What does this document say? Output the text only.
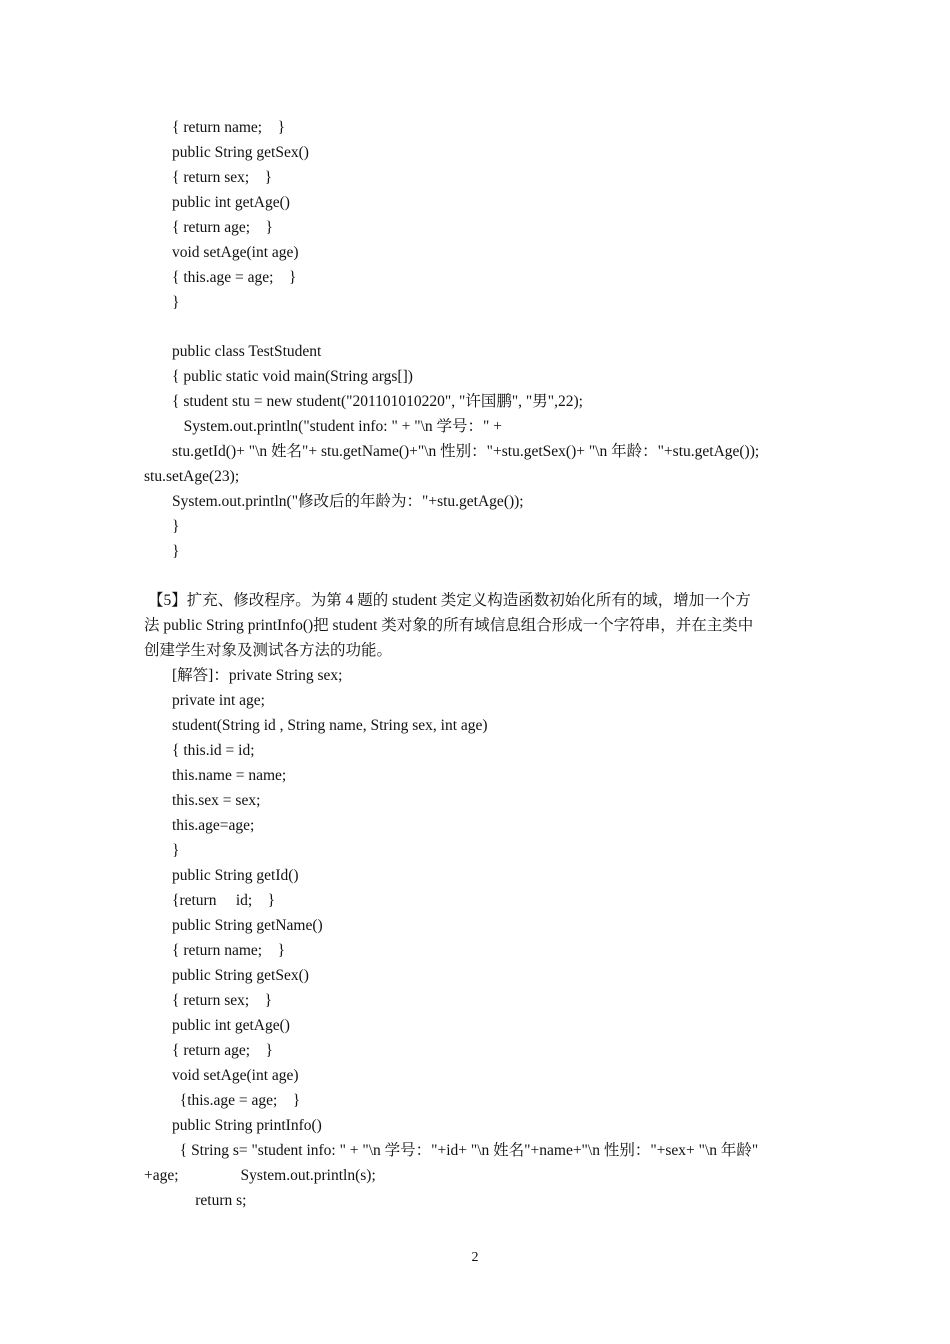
{ return name;    }
public String getSex()
{ return sex;    }
public int getAge()
{ return age;    }
void setAge(int age)
{ this.age = age;    }
}
public class TestStudent
{ public static void main(String args[])
{ student stu = new student("201101010220", "许国鹏", "男",22);
System.out.println("student info: " + "\n 学号：" +
stu.getId()+ "\n 姓名"+ stu.getName()+"\n 性别："+stu.getSex()+ "\n 年龄："+stu.getAge());
stu.setAge(23);
System.out.println("修改后的年龄为："+stu.getAge());
}
}
【5】扩充、修改程序。为第 4 题的 student 类定义构造函数初始化所有的域，增加一个方
法 public String printInfo()把 student 类对象的所有域信息组合形成一个字符串，并在主类中
创建学生对象及测试各方法的功能。
[解答]：private String sex;
private int age;
student(String id , String name, String sex, int age)
{ this.id = id;
this.name = name;
this.sex = sex;
this.age=age;
}
public String getId()
{return     id;    }
public String getName()
{ return name;    }
public String getSex()
{ return sex;    }
public int getAge()
{ return age;    }
void setAge(int age)
{this.age = age;    }
public String printInfo()
{ String s= "student info: " + "\n 学号："+id+ "\n 姓名"+name+"\n 性别："+sex+ "\n 年龄"
+age;                System.out.println(s);
return s;
2
